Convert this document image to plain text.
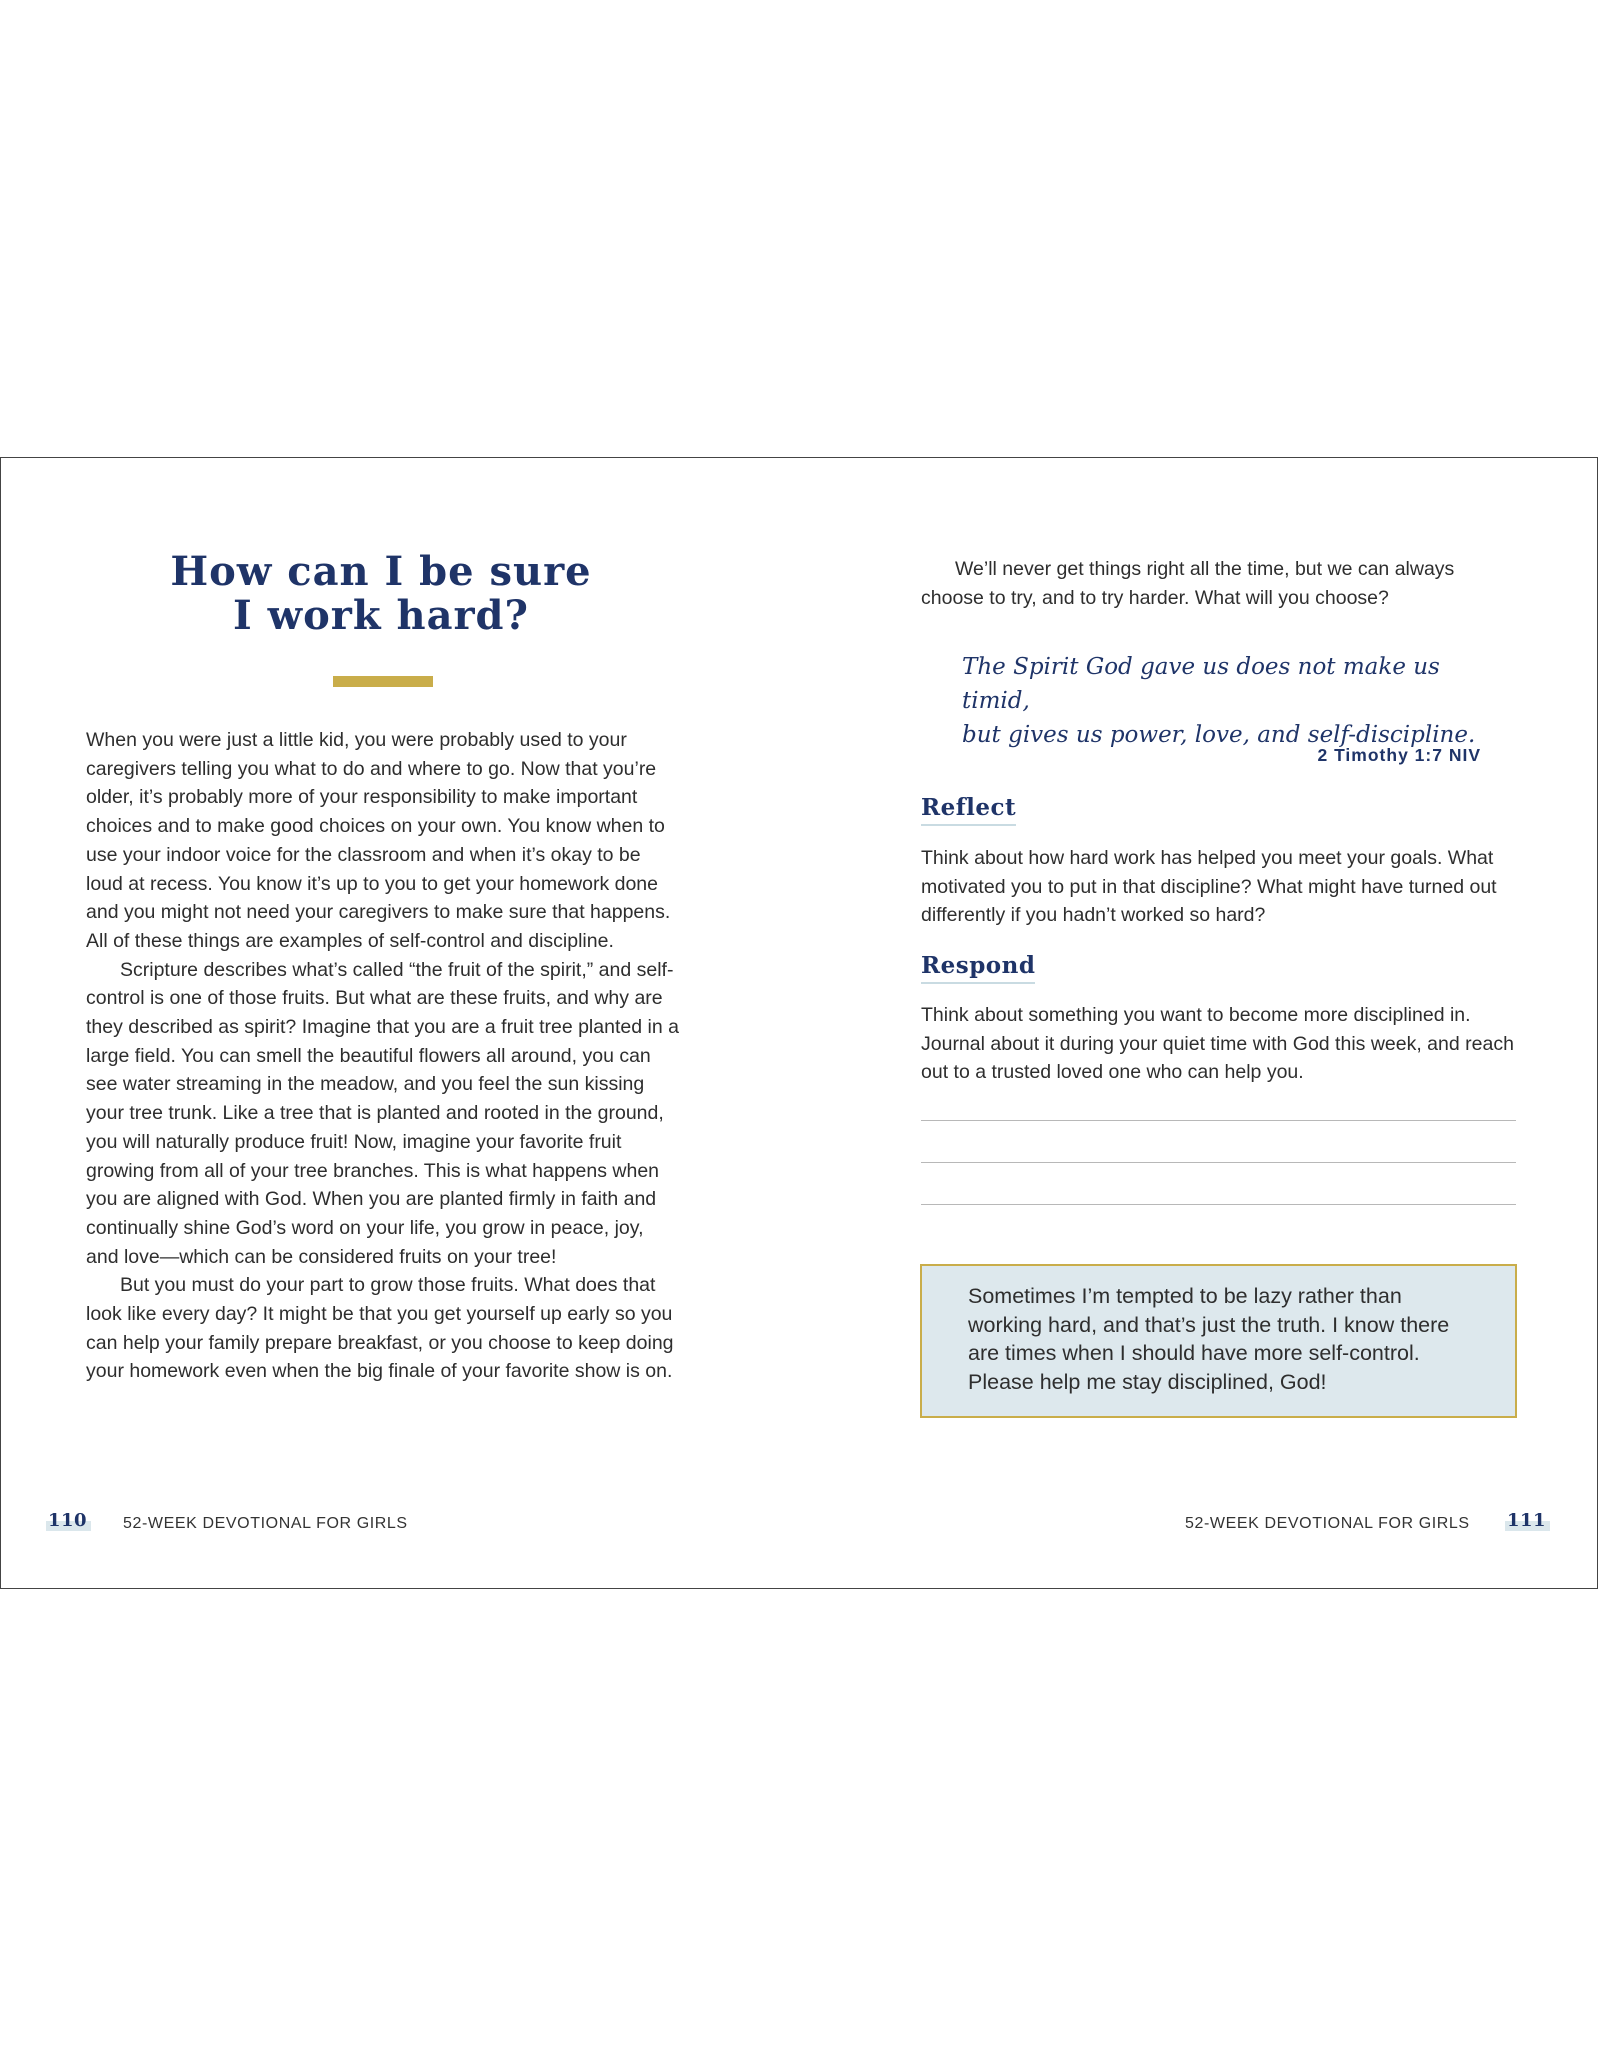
How can I be sure
I work hard?

When you were just a little kid, you were probably used to your caregivers telling you what to do and where to go. Now that you’re older, it’s probably more of your responsibility to make important choices and to make good choices on your own. You know when to use your indoor voice for the classroom and when it’s okay to be loud at recess. You know it’s up to you to get your homework done and you might not need your caregivers to make sure that happens. All of these things are examples of self-control and discipline.

Scripture describes what’s called “the fruit of the spirit,” and self-control is one of those fruits. But what are these fruits, and why are they described as spirit? Imagine that you are a fruit tree planted in a large field. You can smell the beautiful flowers all around, you can see water streaming in the meadow, and you feel the sun kissing your tree trunk. Like a tree that is planted and rooted in the ground, you will naturally produce fruit! Now, imagine your favorite fruit growing from all of your tree branches. This is what happens when you are aligned with God. When you are planted firmly in faith and continually shine God’s word on your life, you grow in peace, joy, and love—which can be considered fruits on your tree!

But you must do your part to grow those fruits. What does that look like every day? It might be that you get yourself up early so you can help your family prepare breakfast, or you choose to keep doing your homework even when the big finale of your favorite show is on.

110 52-WEEK DEVOTIONAL FOR GIRLS

We’ll never get things right all the time, but we can always choose to try, and to try harder. What will you choose?

The Spirit God gave us does not make us timid,
but gives us power, love, and self-discipline.
2 Timothy 1:7 NIV
Reflect
Think about how hard work has helped you meet your goals. What motivated you to put in that discipline? What might have turned out differently if you hadn’t worked so hard?
Respond
Think about something you want to become more disciplined in. Journal about it during your quiet time with God this week, and reach out to a trusted loved one who can help you.
Sometimes I’m tempted to be lazy rather than working hard, and that’s just the truth. I know there are times when I should have more self-control. Please help me stay disciplined, God!
52-WEEK DEVOTIONAL FOR GIRLS 111
